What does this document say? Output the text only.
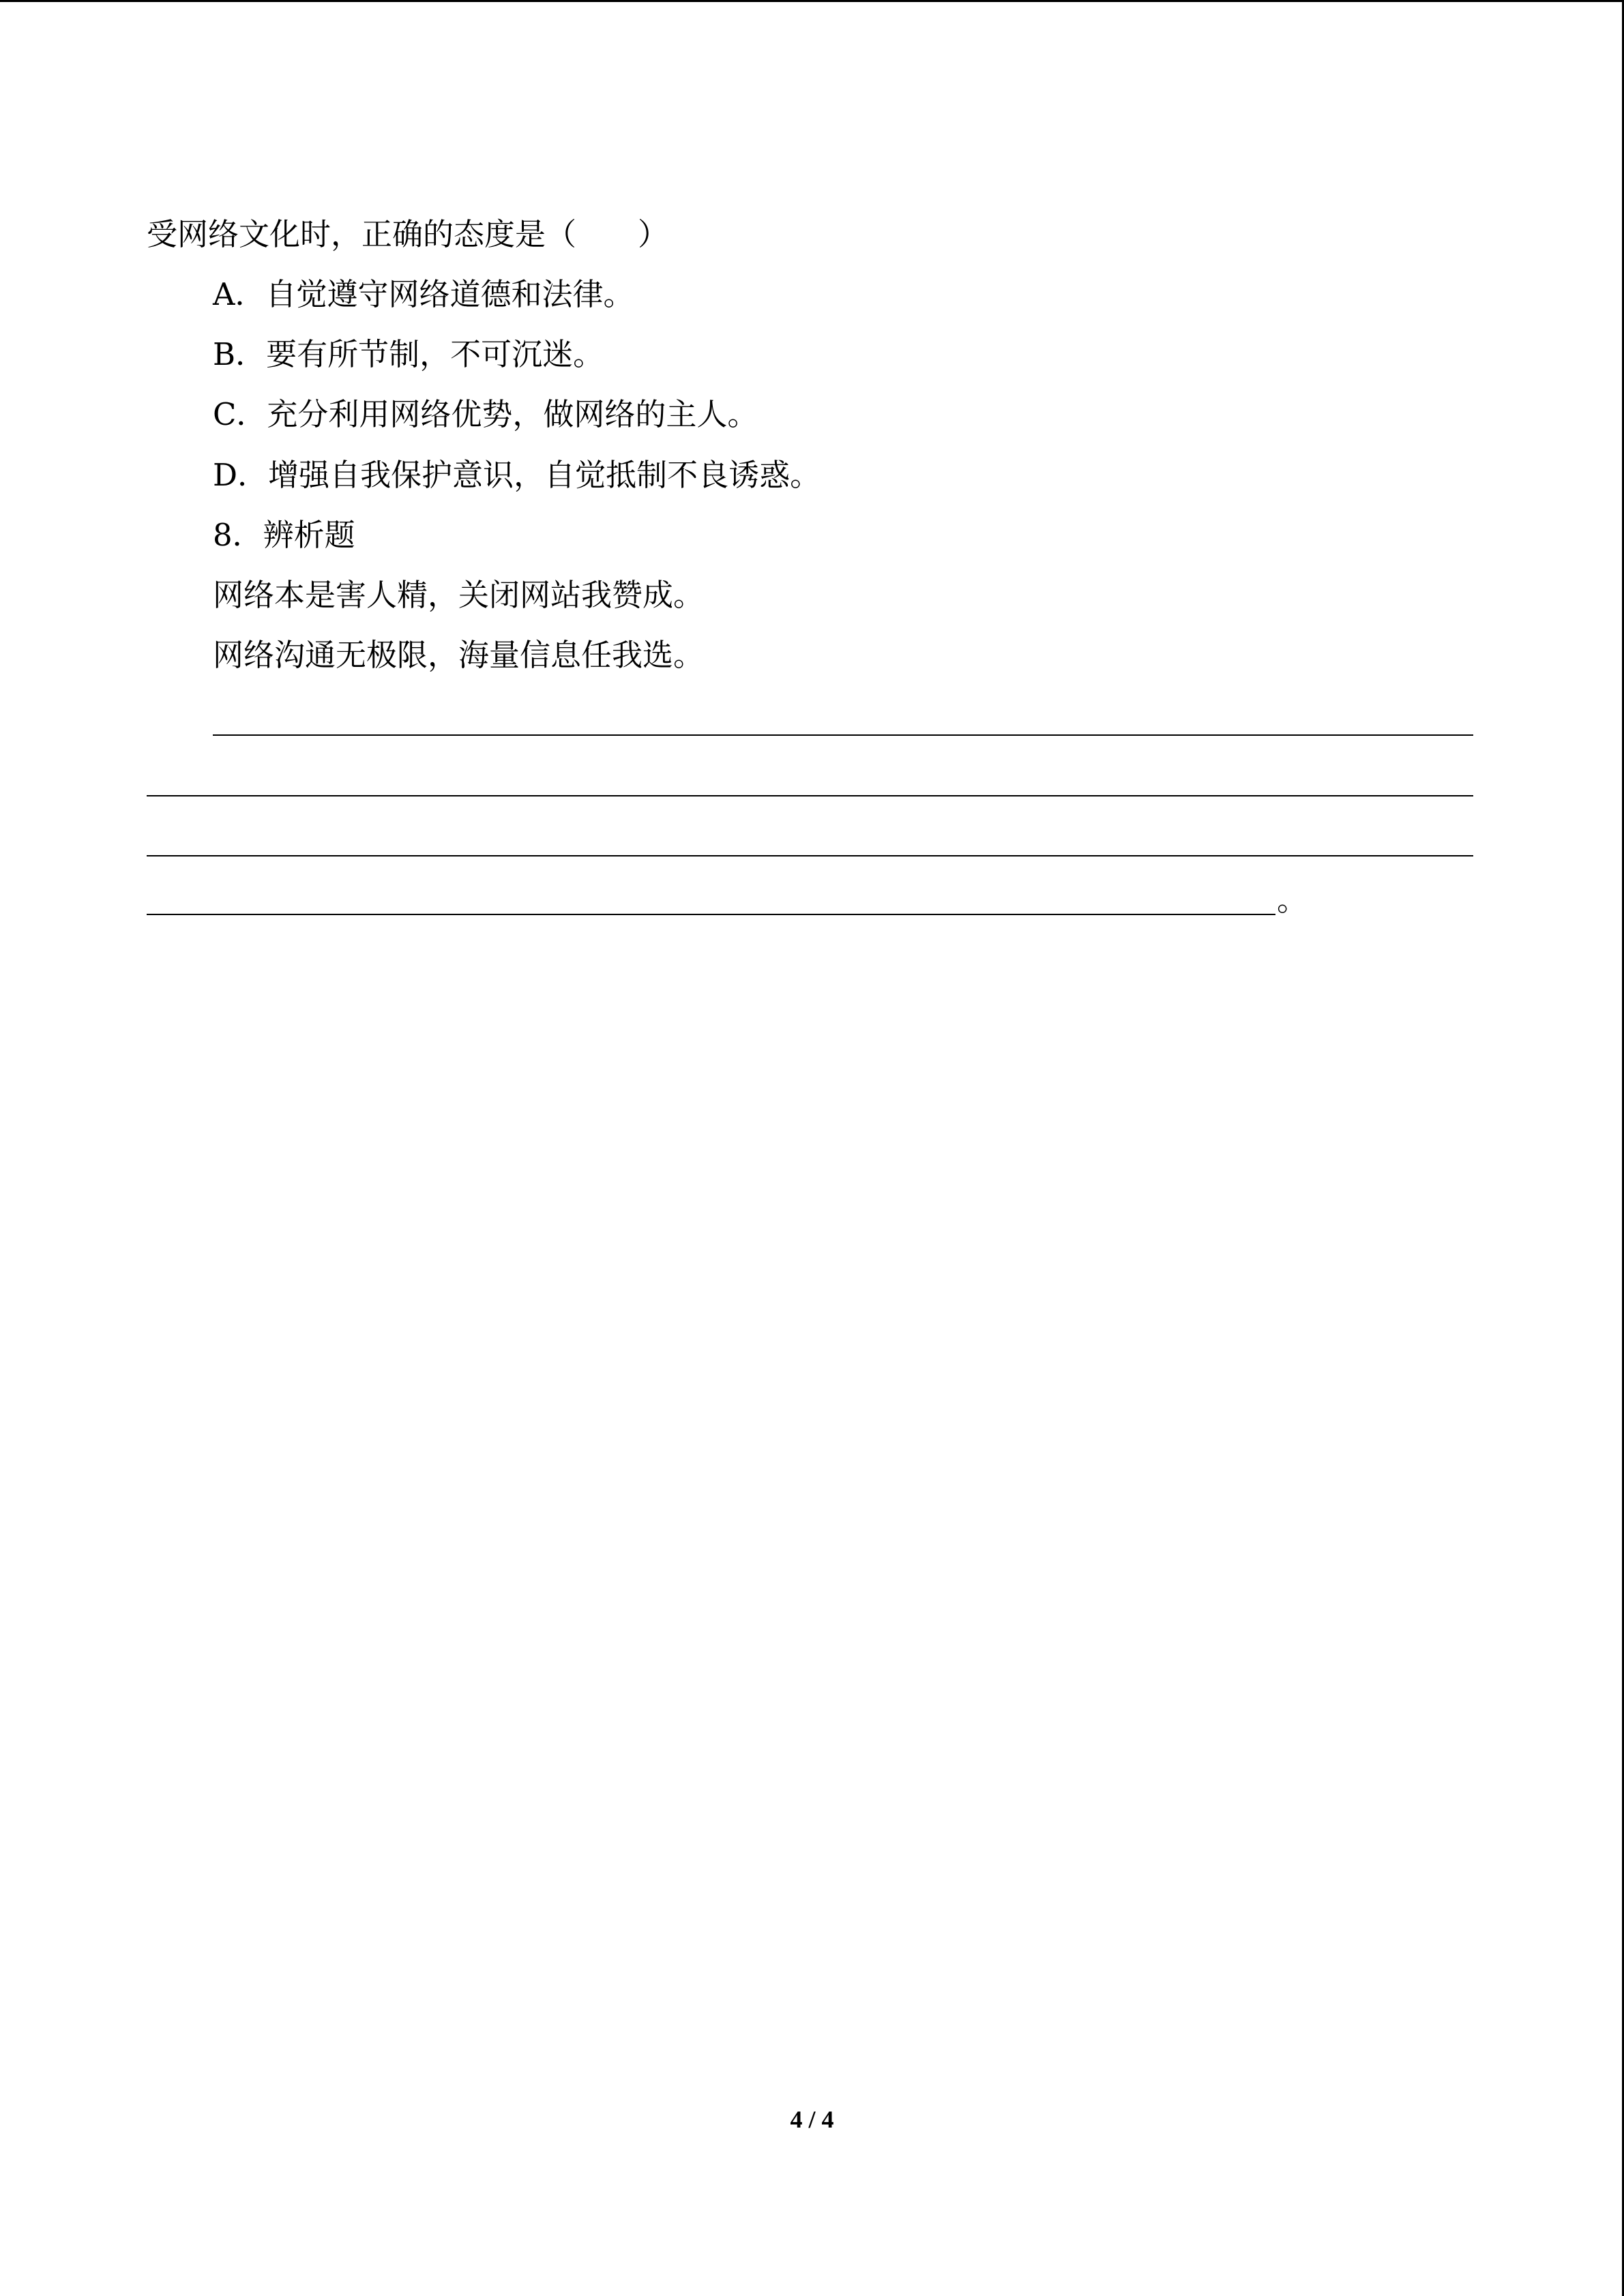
受网络文化时，正确的态度是（　　）
A．自觉遵守网络道德和法律。
B．要有所节制，不可沉迷。
C．充分利用网络优势，做网络的主人。
D．增强自我保护意识，自觉抵制不良诱惑。
8．辨析题
网络本是害人精，关闭网站我赞成。
网络沟通无极限，海量信息任我选。
。
4 / 4
